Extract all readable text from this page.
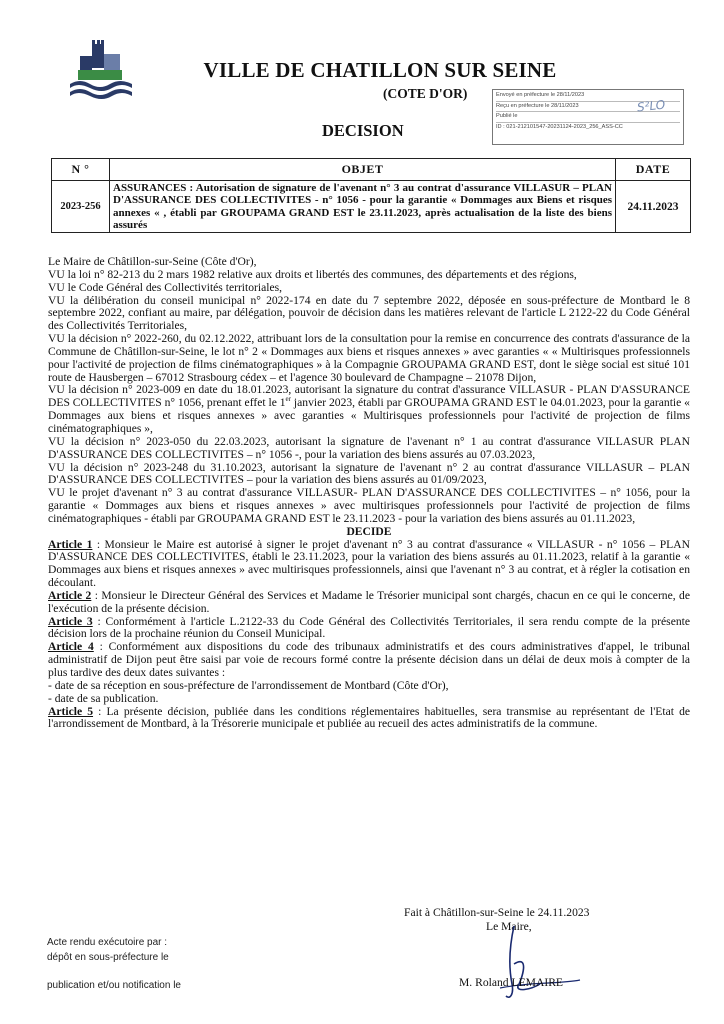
VILLE DE CHATILLON SUR SEINE
(COTE D'OR)
DECISION
Envoyé en préfecture le 28/11/2023
Reçu en préfecture le 28/11/2023
Publié le
ID : 021-212101547-20231124-2023_256_ASS-CC
S²LO
N °	OBJET	DATE
2023-256	ASSURANCES : Autorisation de signature de l'avenant n° 3 au contrat d'assurance VILLASUR – PLAN D'ASSURANCE DES COLLECTIVITES - n° 1056 - pour la garantie « Dommages aux Biens et risques annexes « , établi par GROUPAMA GRAND EST le 23.11.2023, après actualisation de la liste des biens assurés	24.11.2023

Le Maire de Châtillon-sur-Seine (Côte d'Or),

VU la loi n° 82-213 du 2 mars 1982 relative aux droits et libertés des communes, des départements et des régions,

VU le Code Général des Collectivités territoriales,

VU la délibération du conseil municipal n° 2022-174 en date du 7 septembre 2022, déposée en sous-préfecture de Montbard le 8 septembre 2022, confiant au maire, par délégation, pouvoir de décision dans les matières relevant de l'article L 2122-22 du Code Général des Collectivités Territoriales,

VU la décision n° 2022-260, du 02.12.2022, attribuant lors de la consultation pour la remise en concurrence des contrats d'assurance de la Commune de Châtillon-sur-Seine, le lot n° 2 « Dommages aux biens et risques annexes » avec garanties « « Multirisques professionnels pour l'activité de projection de films cinématographiques » à la Compagnie GROUPAMA GRAND EST, dont le siège social est situé 101 route de Hausbergen – 67012 Strasbourg cédex – et l'agence 30 boulevard de Champagne – 21078 Dijon,

VU la décision n° 2023-009 en date du 18.01.2023, autorisant la signature du contrat d'assurance VILLASUR - PLAN D'ASSURANCE DES COLLECTIVITES n° 1056, prenant effet le 1er janvier 2023, établi par GROUPAMA GRAND EST le 04.01.2023, pour la garantie « Dommages aux biens et risques annexes » avec garanties « Multirisques professionnels pour l'activité de projection de films cinématographiques »,

VU la décision n° 2023-050 du 22.03.2023, autorisant la signature de l'avenant n° 1 au contrat d'assurance VILLASUR PLAN D'ASSURANCE DES COLLECTIVITES – n° 1056 -, pour la variation des biens assurés au 07.03.2023,

VU la décision n° 2023-248 du 31.10.2023, autorisant la signature de l'avenant n° 2 au contrat d'assurance VILLASUR – PLAN D'ASSURANCE DES COLLECTIVITES – pour la variation des biens assurés au 01/09/2023,

VU le projet d'avenant n° 3 au contrat d'assurance VILLASUR- PLAN D'ASSURANCE DES COLLECTIVITES – n° 1056, pour la garantie « Dommages aux biens et risques annexes » avec multirisques professionnels pour l'activité de projection de films cinématographiques - établi par GROUPAMA GRAND EST le 23.11.2023 - pour la variation des biens assurés au 01.11.2023,

DECIDE

Article 1 : Monsieur le Maire est autorisé à signer le projet d'avenant n° 3 au contrat d'assurance « VILLASUR - n° 1056 – PLAN D'ASSURANCE DES COLLECTIVITES, établi le 23.11.2023, pour la variation des biens assurés au 01.11.2023, relatif à la garantie « Dommages aux biens et risques annexes » avec multirisques professionnels, ainsi que l'avenant n° 3 au contrat, et à régler la cotisation en découlant.

Article 2 : Monsieur le Directeur Général des Services et Madame le Trésorier municipal sont chargés, chacun en ce qui le concerne, de l'exécution de la présente décision.

Article 3 : Conformément à l'article L.2122-33 du Code Général des Collectivités Territoriales, il sera rendu compte de la présente décision lors de la prochaine réunion du Conseil Municipal.

Article 4 : Conformément aux dispositions du code des tribunaux administratifs et des cours administratives d'appel, le tribunal administratif de Dijon peut être saisi par voie de recours formé contre la présente décision dans un délai de deux mois à compter de la plus tardive des deux dates suivantes :

- date de sa réception en sous-préfecture de l'arrondissement de Montbard (Côte d'Or),

- date de sa publication.

Article 5 : La présente décision, publiée dans les conditions réglementaires habituelles, sera transmise au représentant de l'Etat de l'arrondissement de Montbard, à la Trésorerie municipale et publiée au recueil des actes administratifs de la commune.

Fait à Châtillon-sur-Seine le 24.11.2023
Le Maire,
M. Roland LEMAIRE
Acte rendu exécutoire par :
dépôt en sous-préfecture le
publication et/ou notification le
